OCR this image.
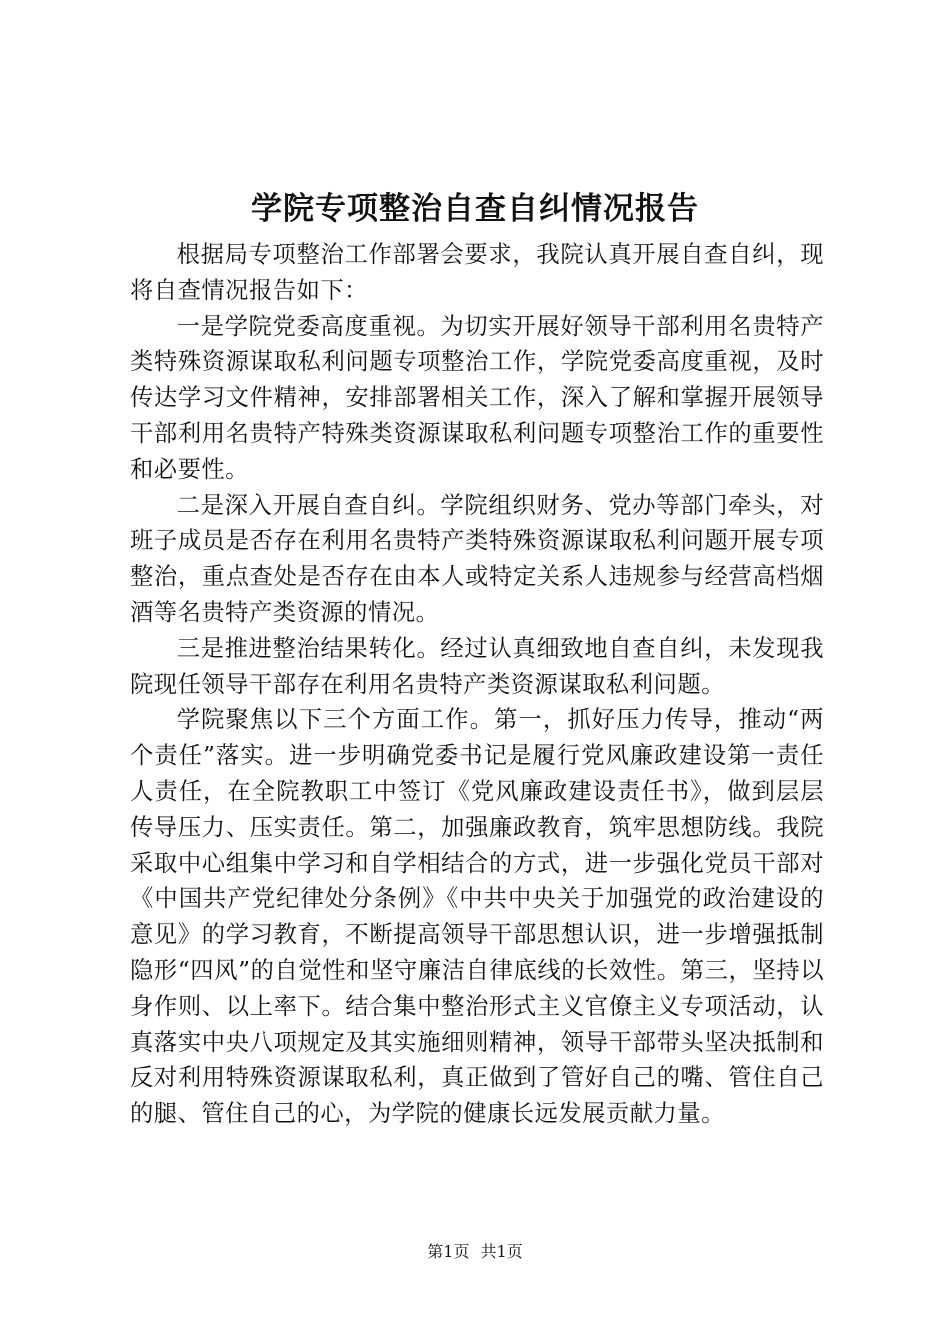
学院专项整治自查自纠情况报告

根据局专项整治工作部署会要求，我院认真开展自查自纠，现将自查情况报告如下：

一是学院党委高度重视。为切实开展好领导干部利用名贵特产类特殊资源谋取私利问题专项整治工作，学院党委高度重视，及时传达学习文件精神，安排部署相关工作，深入了解和掌握开展领导干部利用名贵特产特殊类资源谋取私利问题专项整治工作的重要性和必要性。

二是深入开展自查自纠。学院组织财务、党办等部门牵头，对班子成员是否存在利用名贵特产类特殊资源谋取私利问题开展专项整治，重点查处是否存在由本人或特定关系人违规参与经营高档烟酒等名贵特产类资源的情况。

三是推进整治结果转化。经过认真细致地自查自纠，未发现我院现任领导干部存在利用名贵特产类资源谋取私利问题。

学院聚焦以下三个方面工作。第一，抓好压力传导，推动“两个责任”落实。进一步明确党委书记是履行党风廉政建设第一责任人责任，在全院教职工中签订《党风廉政建设责任书》，做到层层传导压力、压实责任。第二，加强廉政教育，筑牢思想防线。我院采取中心组集中学习和自学相结合的方式，进一步强化党员干部对《中国共产党纪律处分条例》《中共中央关于加强党的政治建设的意见》的学习教育，不断提高领导干部思想认识，进一步增强抵制隐形“四风”的自觉性和坚守廉洁自律底线的长效性。第三，坚持以身作则、以上率下。结合集中整治形式主义官僚主义专项活动，认真落实中央八项规定及其实施细则精神，领导干部带头坚决抵制和反对利用特殊资源谋取私利，真正做到了管好自己的嘴、管住自己的腿、管住自己的心，为学院的健康长远发展贡献力量。

第1页 共1页
